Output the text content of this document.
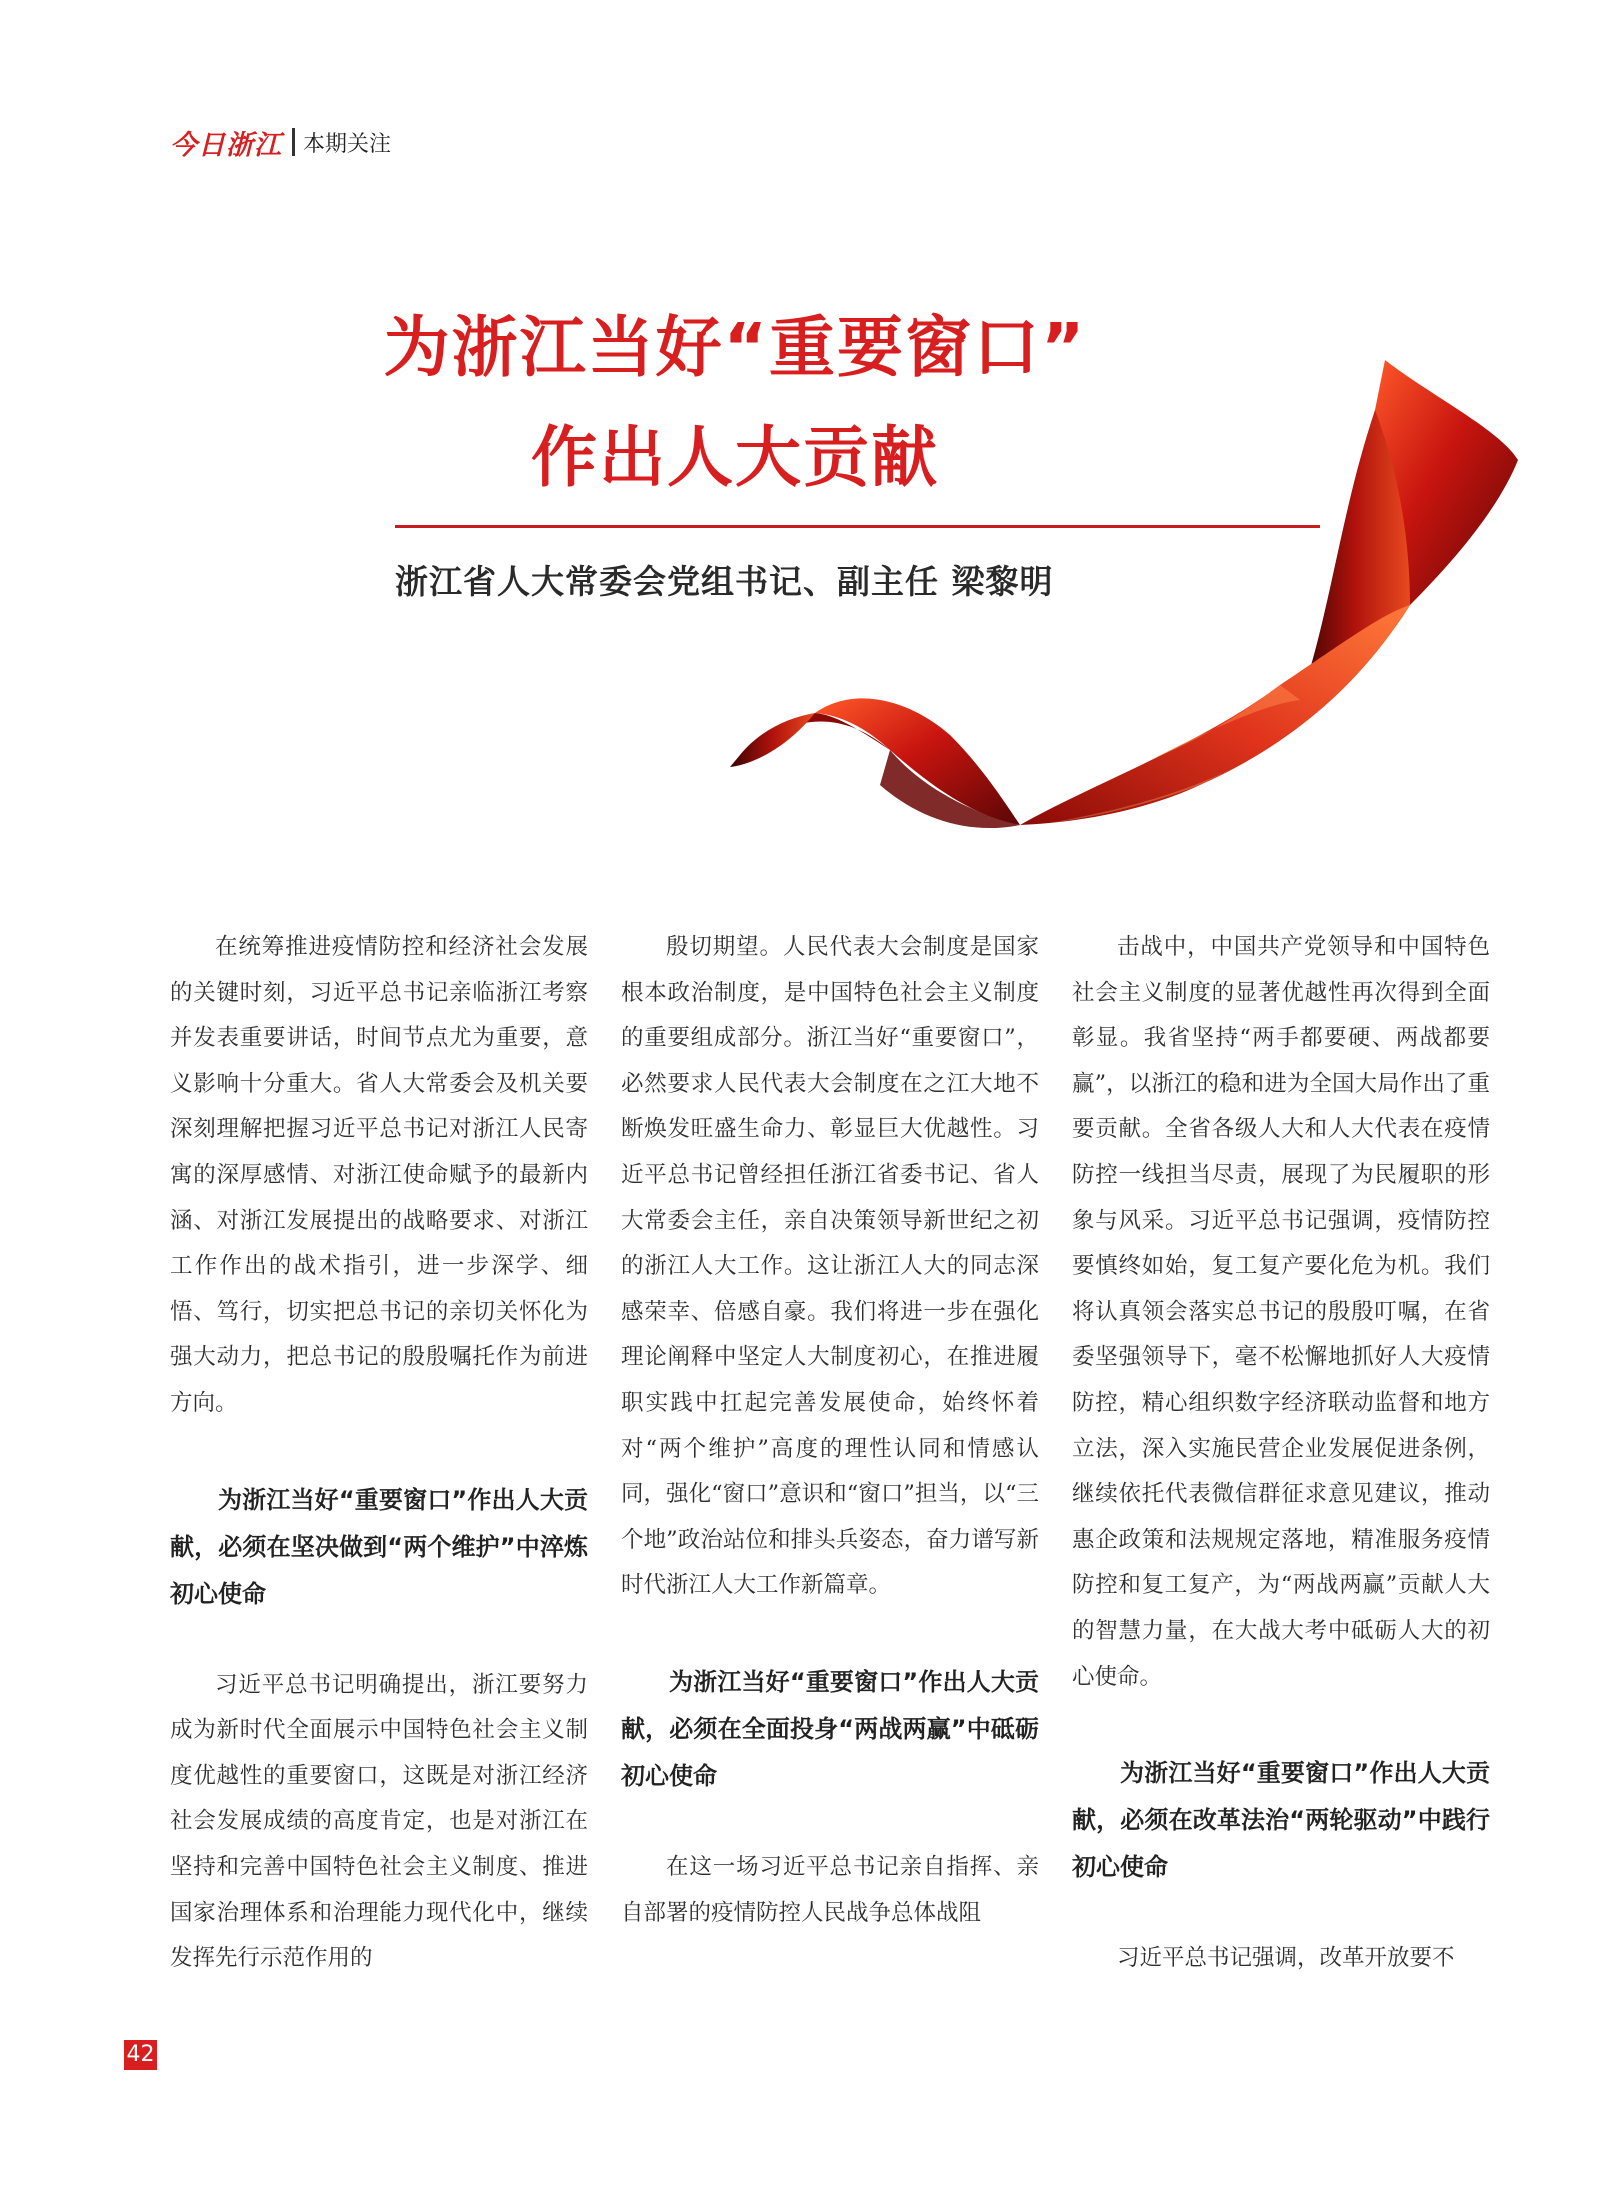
今日浙江 本期关注
为浙江当好“重要窗口”
作出人大贡献

浙江省人大常委会党组书记、副主任 梁黎明

在统筹推进疫情防控和经济社会发展的关键时刻，习近平总书记亲临浙江考察并发表重要讲话，时间节点尤为重要，意义影响十分重大。省人大常委会及机关要深刻理解把握习近平总书记对浙江人民寄寓的深厚感情、对浙江使命赋予的最新内涵、对浙江发展提出的战略要求、对浙江工作作出的战术指引，进一步深学、细悟、笃行，切实把总书记的亲切关怀化为强大动力，把总书记的殷殷嘱托作为前进方向。

为浙江当好“重要窗口”作出人大贡献，必须在坚决做到“两个维护”中淬炼初心使命

习近平总书记明确提出，浙江要努力成为新时代全面展示中国特色社会主义制度优越性的重要窗口，这既是对浙江经济社会发展成绩的高度肯定，也是对浙江在坚持和完善中国特色社会主义制度、推进国家治理体系和治理能力现代化中，继续发挥先行示范作用的

殷切期望。人民代表大会制度是国家根本政治制度，是中国特色社会主义制度的重要组成部分。浙江当好“重要窗口”，必然要求人民代表大会制度在之江大地不断焕发旺盛生命力、彰显巨大优越性。习近平总书记曾经担任浙江省委书记、省人大常委会主任，亲自决策领导新世纪之初的浙江人大工作。这让浙江人大的同志深感荣幸、倍感自豪。我们将进一步在强化理论阐释中坚定人大制度初心，在推进履职实践中扛起完善发展使命，始终怀着对“两个维护”高度的理性认同和情感认同，强化“窗口”意识和“窗口”担当，以“三个地”政治站位和排头兵姿态，奋力谱写新时代浙江人大工作新篇章。

为浙江当好“重要窗口”作出人大贡献，必须在全面投身“两战两赢”中砥砺初心使命

在这一场习近平总书记亲自指挥、亲自部署的疫情防控人民战争总体战阻

击战中，中国共产党领导和中国特色社会主义制度的显著优越性再次得到全面彰显。我省坚持“两手都要硬、两战都要赢”，以浙江的稳和进为全国大局作出了重要贡献。全省各级人大和人大代表在疫情防控一线担当尽责，展现了为民履职的形象与风采。习近平总书记强调，疫情防控要慎终如始，复工复产要化危为机。我们将认真领会落实总书记的殷殷叮嘱，在省委坚强领导下，毫不松懈地抓好人大疫情防控，精心组织数字经济联动监督和地方立法，深入实施民营企业发展促进条例，继续依托代表微信群征求意见建议，推动惠企政策和法规规定落地，精准服务疫情防控和复工复产，为“两战两赢”贡献人大的智慧力量，在大战大考中砥砺人大的初心使命。

为浙江当好“重要窗口”作出人大贡献，必须在改革法治“两轮驱动”中践行初心使命

习近平总书记强调，改革开放要不

42
